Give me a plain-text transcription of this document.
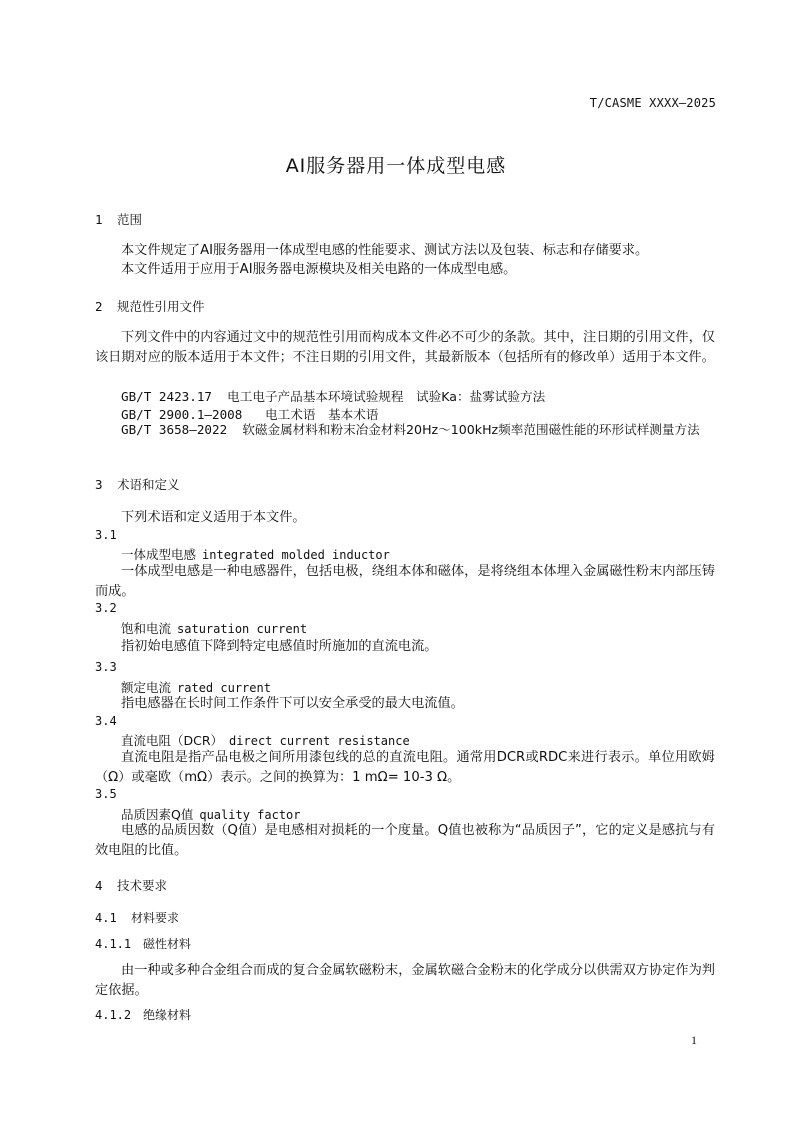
T/CASME XXXX—2025
AI服务器用一体成型电感
1 范围
本文件规定了AI服务器用一体成型电感的性能要求、测试方法以及包装、标志和存储要求。
本文件适用于应用于AI服务器电源模块及相关电路的一体成型电感。
2 规范性引用文件
下列文件中的内容通过文中的规范性引用而构成本文件必不可少的条款。其中，注日期的引用文件，仅该日期对应的版本适用于本文件；不注日期的引用文件，其最新版本（包括所有的修改单）适用于本文件。
GB/T 2423.17 电工电子产品基本环境试验规程　试验Ka：盐雾试验方法
GB/T 2900.1—2008 电工术语　基本术语
GB/T 3658—2022 软磁金属材料和粉末冶金材料20Hz～100kHz频率范围磁性能的环形试样测量方法
3 术语和定义
下列术语和定义适用于本文件。
3.1
一体成型电感 integrated molded inductor
一体成型电感是一种电感器件，包括电极，绕组本体和磁体，是将绕组本体埋入金属磁性粉末内部压铸而成。
3.2
饱和电流 saturation current
指初始电感值下降到特定电感值时所施加的直流电流。
3.3
额定电流 rated current
指电感器在长时间工作条件下可以安全承受的最大电流值。
3.4
直流电阻（DCR） direct current resistance
直流电阻是指产品电极之间所用漆包线的总的直流电阻。通常用DCR或RDC来进行表示。单位用欧姆（Ω）或毫欧（mΩ）表示。之间的换算为：1 mΩ= 10-3 Ω。
3.5
品质因素Q值 quality factor
电感的品质因数（Q值）是电感相对损耗的一个度量。Q值也被称为“品质因子”，它的定义是感抗与有效电阻的比值。
4 技术要求
4.1 材料要求
4.1.1 磁性材料
由一种或多种合金组合而成的复合金属软磁粉末，金属软磁合金粉末的化学成分以供需双方协定作为判定依据。
4.1.2 绝缘材料
1
